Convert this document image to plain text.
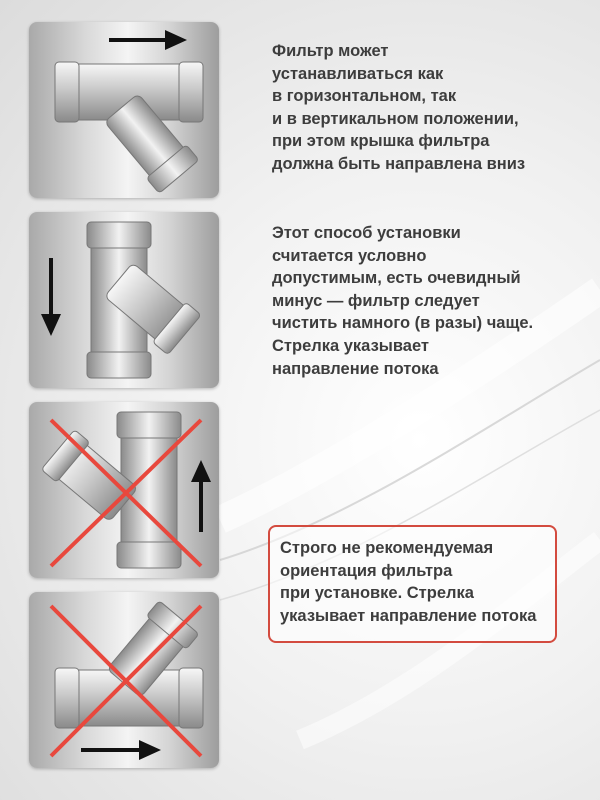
Фильтр может
устанавливаться как
в горизонтальном, так
и в вертикальном положении,
при этом крышка фильтра
должна быть направлена вниз
Этот способ установки
считается условно
допустимым, есть очевидный
минус — фильтр следует
чистить намного (в разы) чаще.
Стрелка указывает
направление потока
Строго не рекомендуемая
ориентация фильтра
при установке. Стрелка
указывает направление потока
